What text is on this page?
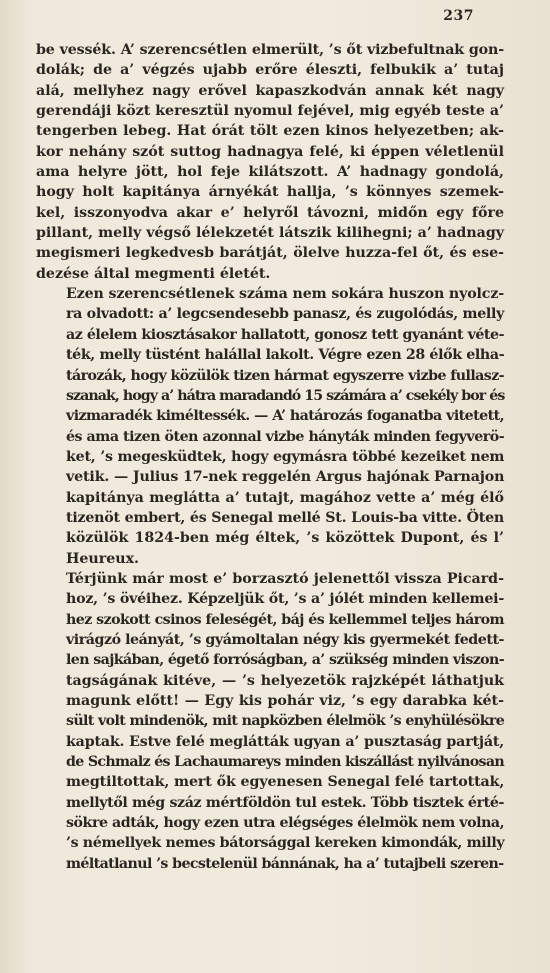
237

be vessék. A’ szerencsétlen elmerült, ’s őt vizbefultnak gon-
dolák; de a’ végzés ujabb erőre éleszti, felbukik a’ tutaj
alá, mellyhez nagy erővel kapaszkodván annak két nagy
gerendáji közt keresztül nyomul fejével, mig egyéb teste a’
tengerben lebeg. Hat órát tölt ezen kinos helyezetben; ak-
kor nehány szót suttog hadnagya felé, ki éppen véletlenül
ama helyre jött, hol feje kilátszott. A’ hadnagy gondolá,
hogy holt kapitánya árnyékát hallja, ’s könnyes szemek-
kel, isszonyodva akar e’ helyről távozni, midőn egy főre
pillant, melly végső lélekzetét látszik kilihegni; a’ hadnagy
megismeri legkedvesb barátját, ölelve huzza-fel őt, és ese-
dezése által megmenti életét.

Ezen szerencsétlenek száma nem sokára huszon nyolcz-
ra olvadott: a’ legcsendesebb panasz, és zugolódás, melly
az élelem kiosztásakor hallatott, gonosz tett gyanánt véte-
ték, melly tüstént halállal lakolt. Végre ezen 28 élők elha-
tározák, hogy közülök tizen hármat egyszerre vizbe fullasz-
szanak, hogy a’ hátra maradandó 15 számára a’ csekély bor és
vizmaradék kiméltessék. — A’ határozás foganatba vitetett,
és ama tizen öten azonnal vizbe hányták minden fegyverö-
ket, ’s megesküdtek, hogy egymásra többé kezeiket nem
vetik. — Julius 17-nek reggelén Argus hajónak Parnajon
kapitánya meglátta a’ tutajt, magához vette a’ még élő
tizenöt embert, és Senegal mellé St. Louis-ba vitte. Öten
közülök 1824-ben még éltek, ’s közöttek Dupont, és l’
Heureux.

Térjünk már most e’ borzasztó jelenettől vissza Picard-
hoz, ’s övéihez. Képzeljük őt, ’s a’ jólét minden kellemei-
hez szokott csinos feleségét, báj és kellemmel teljes három
virágzó leányát, ’s gyámoltalan négy kis gyermekét fedett-
len sajkában, égető forróságban, a’ szükség minden viszon-
tagságának kitéve, — ’s helyezetök rajzképét láthatjuk
magunk előtt! — Egy kis pohár viz, ’s egy darabka két-
sült volt mindenök, mit napközben élelmök ’s enyhülésökre
kaptak. Estve felé meglátták ugyan a’ pusztaság partját,
de Schmalz és Lachaumareys minden kiszállást nyilvánosan
megtiltottak, mert ők egyenesen Senegal felé tartottak,
mellytől még száz mértföldön tul estek. Több tisztek érté-
sökre adták, hogy ezen utra elégséges élelmök nem volna,
’s némellyek nemes bátorsággal kereken kimondák, milly
méltatlanul ’s becstelenül bánnának, ha a’ tutajbeli szeren-
